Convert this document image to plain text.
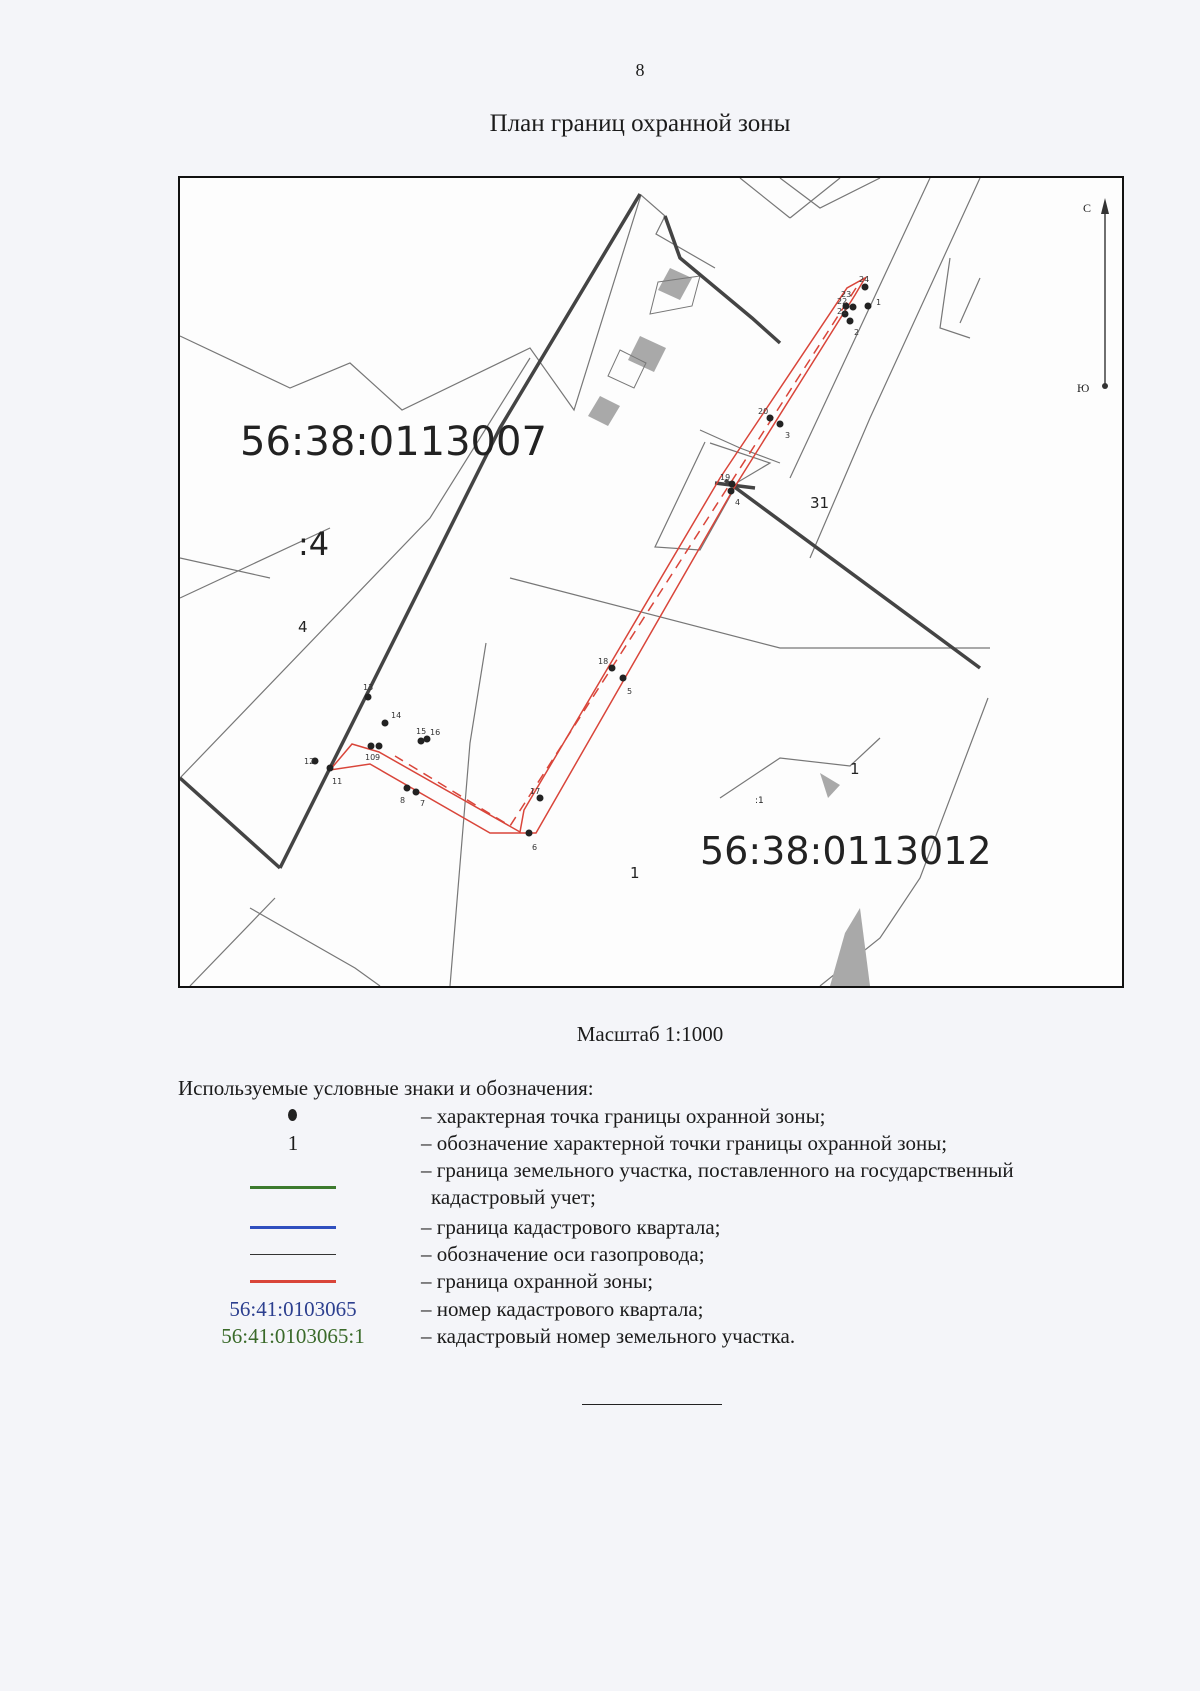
8
План границ охранной зоны
1
2
3
4
5
6
7
8
9
10
11
12
13
14
15 16
17
18
19
20
21
22
23
24
56:38:0113007
56:38:0113012
:4
4
31
1
1
:1
С
Ю
Масштаб 1:1000
Используемые условные знаки и обозначения:
– характерная точка границы охранной зоны;
1	– обозначение характерной точки границы охранной зоны;
– граница земельного участка, поставленного на государственный
кадастровый учет;
– граница кадастрового квартала;
– обозначение оси газопровода;
– граница охранной зоны;
56:41:0103065	– номер кадастрового квартала;
56:41:0103065:1	– кадастровый номер земельного участка.
